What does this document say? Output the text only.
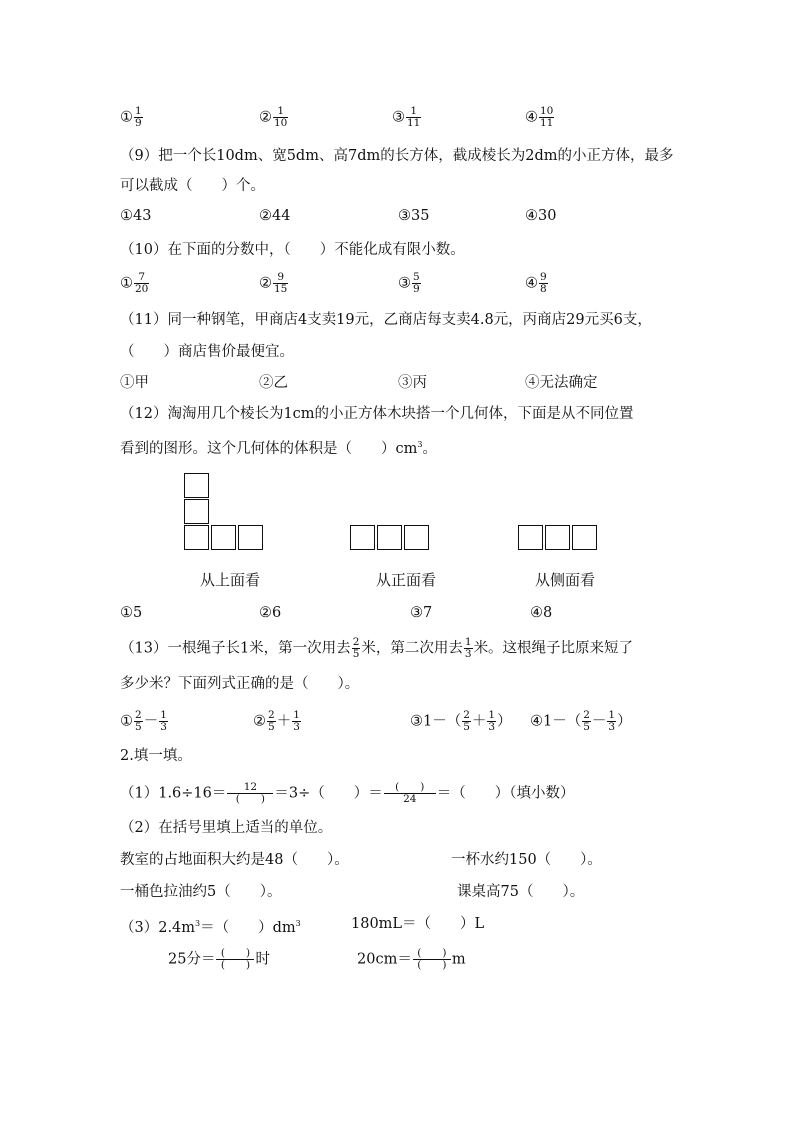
① $\frac{1}{9}$	② $\frac{1}{10}$	③ $\frac{1}{11}$	④ $\frac{10}{11}$
（9）把一个长10dm、宽5dm、高7dm的长方体，截成棱长为2dm的小正方体，最多
可以截成（　　）个。
①43	②44	③35	④30
（10）在下面的分数中，（　　）不能化成有限小数。
① $\frac{7}{20}$	② $\frac{9}{15}$	③ $\frac{5}{9}$	④ $\frac{9}{8}$
（11）同一种钢笔，甲商店4支卖19元，乙商店每支卖4.8元，丙商店29元买6支，
（　　）商店售价最便宜。
①甲	②乙	③丙	④无法确定
（12）淘淘用几个棱长为1cm的小正方体木块搭一个几何体，下面是从不同位置
看到的图形。这个几何体的体积是（　　）$cm^3$。
从上面看	从正面看	从侧面看
①5	②6	③7	④8
（13）一根绳子长1米，第一次用去 $\frac{2}{5}$ 米，第二次用去 $\frac{1}{3}$ 米。这根绳子比原来短了
多少米？下面列式正确的是（　　）。
① $\frac{2}{5} - \frac{1}{3}$	② $\frac{2}{5} + \frac{1}{3}$	③1－（ $\frac{2}{5} + \frac{1}{3}$ ） ④1－（ $\frac{2}{5} - \frac{1}{3}$ ）
2.填一填。
$(1)1.6\div 16= \frac{12}{( )} =3\div$（　　）＝ $\frac{( )}{24}$ ＝（　　）（填小数）
（2）在括号里填上适当的单位。
教室的占地面积大约是48（　　）。	一杯水约150（　　）。
一桶色拉油约5（　　）。	课桌高75（　　）。
$(3)2.4m^3=$（　　）$dm^3$	180mL＝（　　）L
25分＝ $\frac{( )}{( )}$ 时	$20cm= \frac{( )}{( )}$ m
